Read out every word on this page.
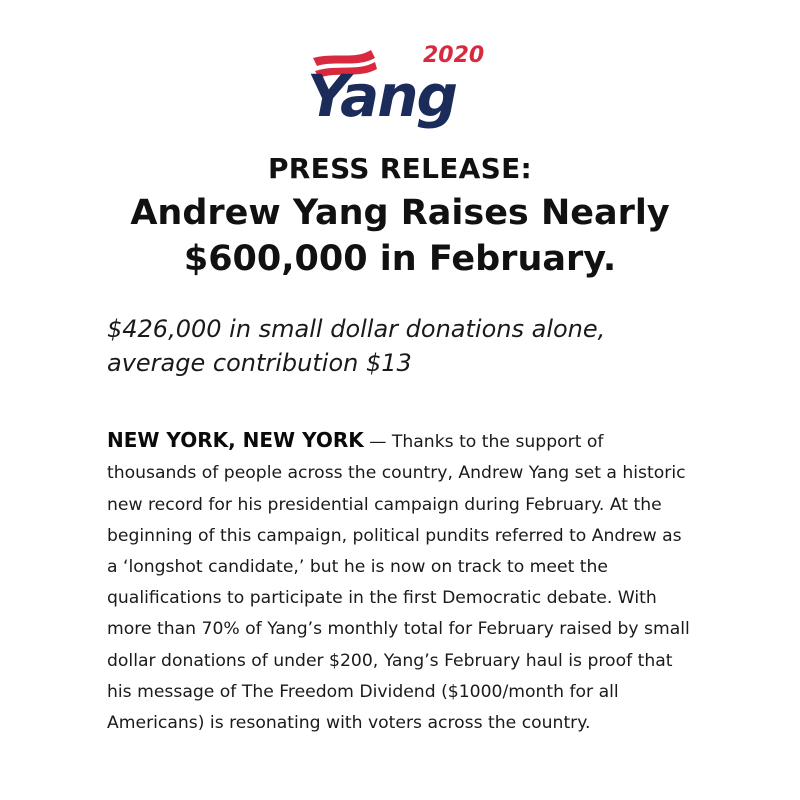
Yang
2020
PRESS RELEASE:
Andrew Yang Raises Nearly
$600,000 in February.
$426,000 in small dollar donations alone,
average contribution $13

NEW YORK, NEW YORK — Thanks to the support of thousands of people across the country, Andrew Yang set a historic new record for his presidential campaign during February. At the beginning of this campaign, political pundits referred to Andrew as a ‘longshot candidate,’ but he is now on track to meet the qualifications to participate in the first Democratic debate. With more than 70% of Yang’s monthly total for February raised by small dollar donations of under $200, Yang’s February haul is proof that his message of The Freedom Dividend ($1000/month for all Americans) is resonating with voters across the country.
